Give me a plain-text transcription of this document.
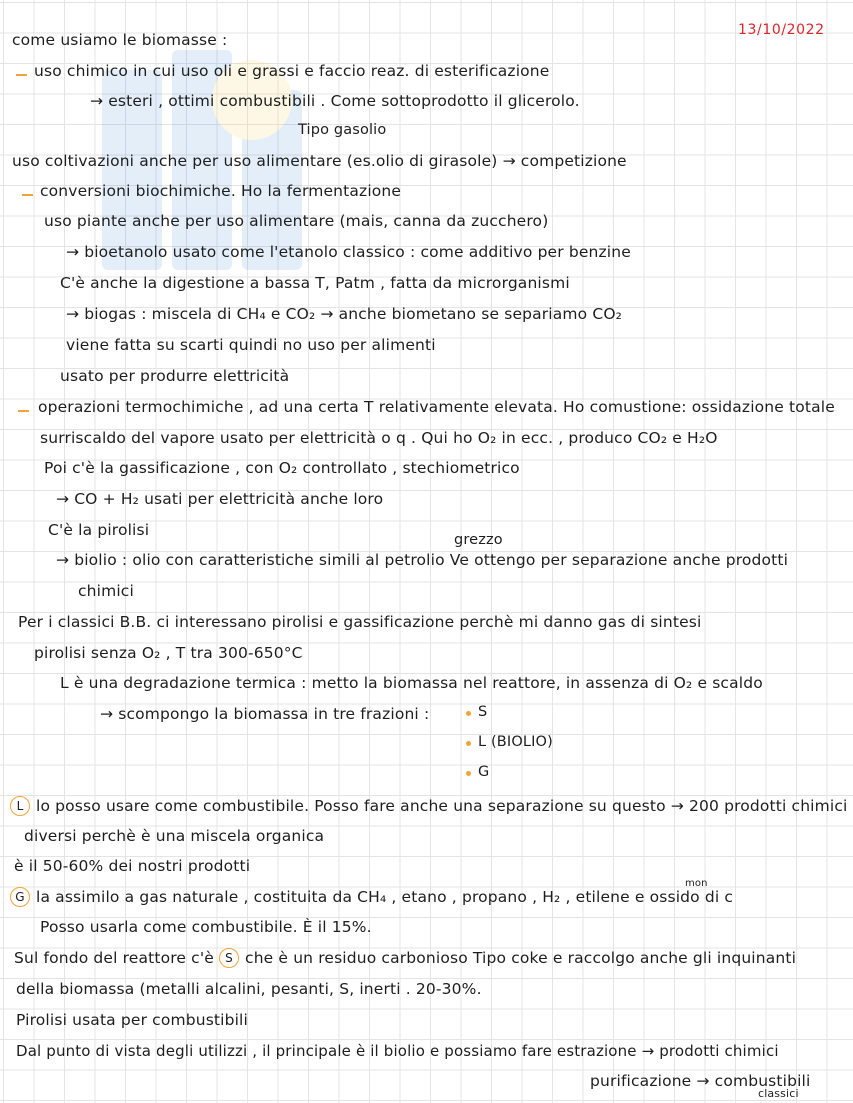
13/10/2022
come usiamo le biomasse :
uso chimico in cui uso oli e grassi e faccio reaz. di esterificazione
→ esteri , ottimi combustibili . Come sottoprodotto il glicerolo.
Tipo gasolio
uso coltivazioni anche per uso alimentare (es.olio di girasole) → competizione
conversioni biochimiche. Ho la fermentazione
uso piante anche per uso alimentare (mais, canna da zucchero)
→ bioetanolo usato come l'etanolo classico : come additivo per benzine
C'è anche la digestione a bassa T, Patm , fatta da microrganismi
→ biogas : miscela di CH₄ e CO₂ → anche biometano se separiamo CO₂
viene fatta su scarti quindi no uso per alimenti
usato per produrre elettricità
operazioni termochimiche , ad una certa T relativamente elevata. Ho comustione: ossidazione totale
surriscaldo del vapore usato per elettricità o q . Qui ho O₂ in ecc. , produco CO₂ e H₂O
Poi c'è la gassificazione , con O₂ controllato , stechiometrico
→ CO + H₂ usati per elettricità anche loro
C'è la pirolisi
grezzo
→ biolio : olio con caratteristiche simili al petrolio Ve ottengo per separazione anche prodotti
chimici
Per i classici B.B. ci interessano pirolisi e gassificazione perchè mi danno gas di sintesi
pirolisi senza O₂ , T tra 300-650°C
L è una degradazione termica : metto la biomassa nel reattore, in assenza di O₂ e scaldo
→ scompongo la biomassa in tre frazioni :	S
L (BIOLIO)
G
L lo posso usare come combustibile. Posso fare anche una separazione su questo → 200 prodotti chimici
diversi perchè è una miscela organica
è il 50-60% dei nostri prodotti
mon
G la assimilo a gas naturale , costituita da CH₄ , etano , propano , H₂ , etilene e ossido di c
Posso usarla come combustibile. È il 15%.
Sul fondo del reattore c'è S che è un residuo carbonioso Tipo coke e raccolgo anche gli inquinanti
della biomassa (metalli alcalini, pesanti, S, inerti . 20-30%.
Pirolisi usata per combustibili
Dal punto di vista degli utilizzi , il principale è il biolio e possiamo fare estrazione → prodotti chimici
purificazione → combustibili
classici
